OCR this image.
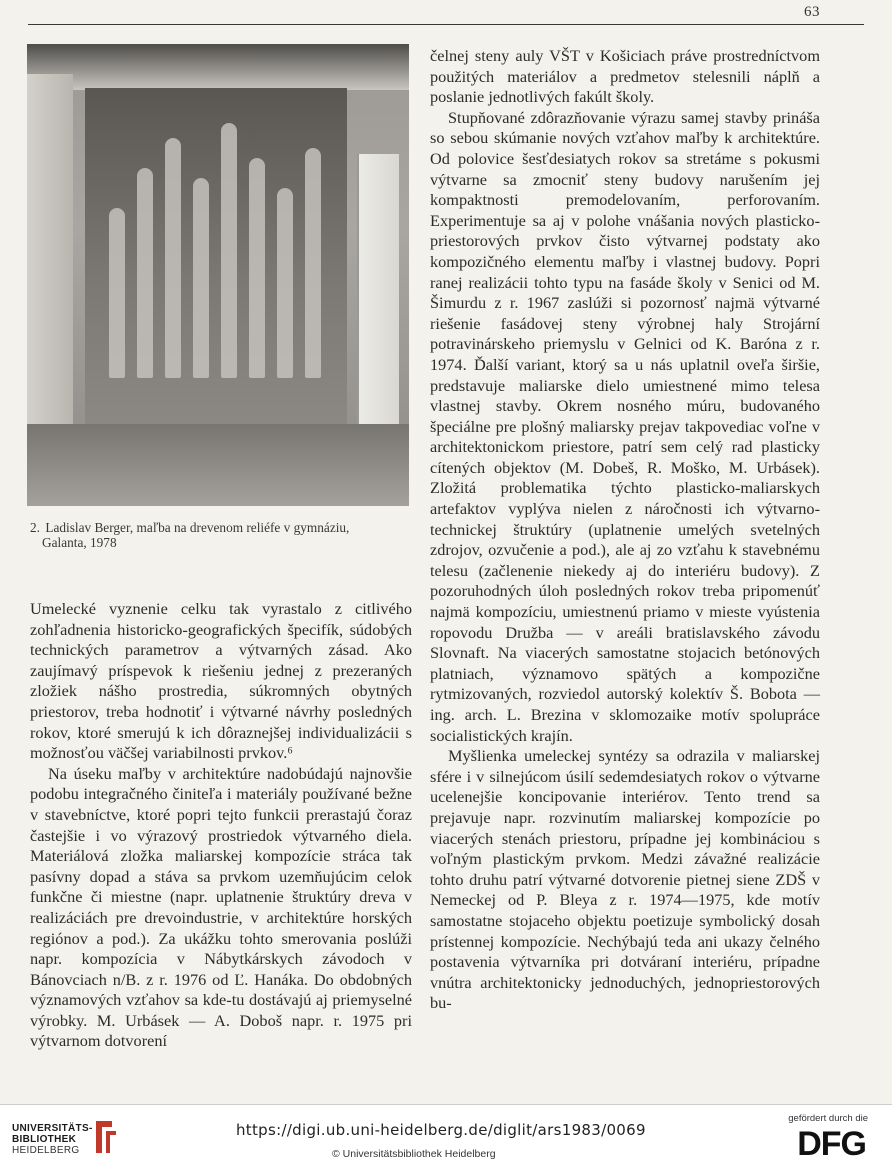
63
2. Ladislav Berger, maľba na drevenom reliéfe v gymnáziu,
Galanta, 1978

Umelecké vyznenie celku tak vyrastalo z citlivého zohľadnenia historicko-geografických špecifík, súdobých technických parametrov a výtvarných zásad. Ako zaujímavý príspevok k riešeniu jednej z prezeraných zložiek nášho prostredia, súkromných obytných priestorov, treba hodnotiť i výtvarné návrhy posledných rokov, ktoré smerujú k ich dôraznejšej individualizácii s možnosťou väčšej variabilnosti prvkov.⁶

Na úseku maľby v architektúre nadobúdajú najnovšie podobu integračného činiteľa i materiály používané bežne v stavebníctve, ktoré popri tejto funkcii prerastajú čoraz častejšie i vo výrazový prostriedok výtvarného diela. Materiálová zložka maliarskej kompozície stráca tak pasívny dopad a stáva sa prvkom uzemňujúcim celok funkčne či miestne (napr. uplatnenie štruktúry dreva v realizáciách pre drevoindustrie, v architektúre horských regiónov a pod.). Za ukážku tohto smerovania poslúži napr. kompozícia v Nábytkárskych závodoch v Bánovciach n/B. z r. 1976 od Ľ. Hanáka. Do obdobných významových vzťahov sa kde-tu dostávajú aj priemyselné výrobky. M. Urbásek — A. Doboš napr. r. 1975 pri výtvarnom dotvorení

čelnej steny auly VŠT v Košiciach práve prostredníctvom použitých materiálov a predmetov stelesnili náplň a poslanie jednotlivých fakúlt školy.

Stupňované zdôrazňovanie výrazu samej stavby prináša so sebou skúmanie nových vzťahov maľby k architektúre. Od polovice šesťdesiatych rokov sa stretáme s pokusmi výtvarne sa zmocniť steny budovy narušením jej kompaktnosti premodelovaním, perforovaním. Experimentuje sa aj v polohe vnášania nových plasticko-priestorových prvkov čisto výtvarnej podstaty ako kompozičného elementu maľby i vlastnej budovy. Popri ranej realizácii tohto typu na fasáde školy v Senici od M. Šimurdu z r. 1967 zaslúži si pozornosť najmä výtvarné riešenie fasádovej steny výrobnej haly Strojární potravinárskeho priemyslu v Gelnici od K. Baróna z r. 1974. Ďalší variant, ktorý sa u nás uplatnil oveľa širšie, predstavuje maliarske dielo umiestnené mimo telesa vlastnej stavby. Okrem nosného múru, budovaného špeciálne pre plošný maliarsky prejav takpovediac voľne v architektonickom priestore, patrí sem celý rad plasticky cítených objektov (M. Dobeš, R. Moško, M. Urbásek). Zložitá problematika týchto plasticko-maliarskych artefaktov vyplýva nielen z náročnosti ich výtvarno-technickej štruktúry (uplatnenie umelých svetelných zdrojov, ozvučenie a pod.), ale aj zo vzťahu k stavebnému telesu (začlenenie niekedy aj do interiéru budovy). Z pozoruhodných úloh posledných rokov treba pripomenúť najmä kompozíciu, umiestnenú priamo v mieste vyústenia ropovodu Družba — v areáli bratislavského závodu Slovnaft. Na viacerých samostatne stojacich betónových platniach, významovo spätých a kompozične rytmizovaných, rozviedol autorský kolektív Š. Bobota — ing. arch. L. Brezina v sklomozaike motív spolupráce socialistických krajín.

Myšlienka umeleckej syntézy sa odrazila v maliarskej sfére i v silnejúcom úsilí sedemdesiatych rokov o výtvarne ucelenejšie koncipovanie interiérov. Tento trend sa prejavuje napr. rozvinutím maliarskej kompozície po viacerých stenách priestoru, prípadne jej kombináciou s voľným plastickým prvkom. Medzi závažné realizácie tohto druhu patrí výtvarné dotvorenie pietnej siene ZDŠ v Nemeckej od P. Bleya z r. 1974—1975, kde motív samostatne stojaceho objektu poetizuje symbolický dosah prístennej kompozície. Nechýbajú teda ani ukazy čelného postavenia výtvarníka pri dotváraní interiéru, prípadne vnútra architektonicky jednoduchých, jednopriestorových bu-

UNIVERSITÄTS-
BIBLIOTHEK
HEIDELBERG
https://digi.ub.uni-heidelberg.de/diglit/ars1983/0069
© Universitätsbibliothek Heidelberg
gefördert durch die
DFG
